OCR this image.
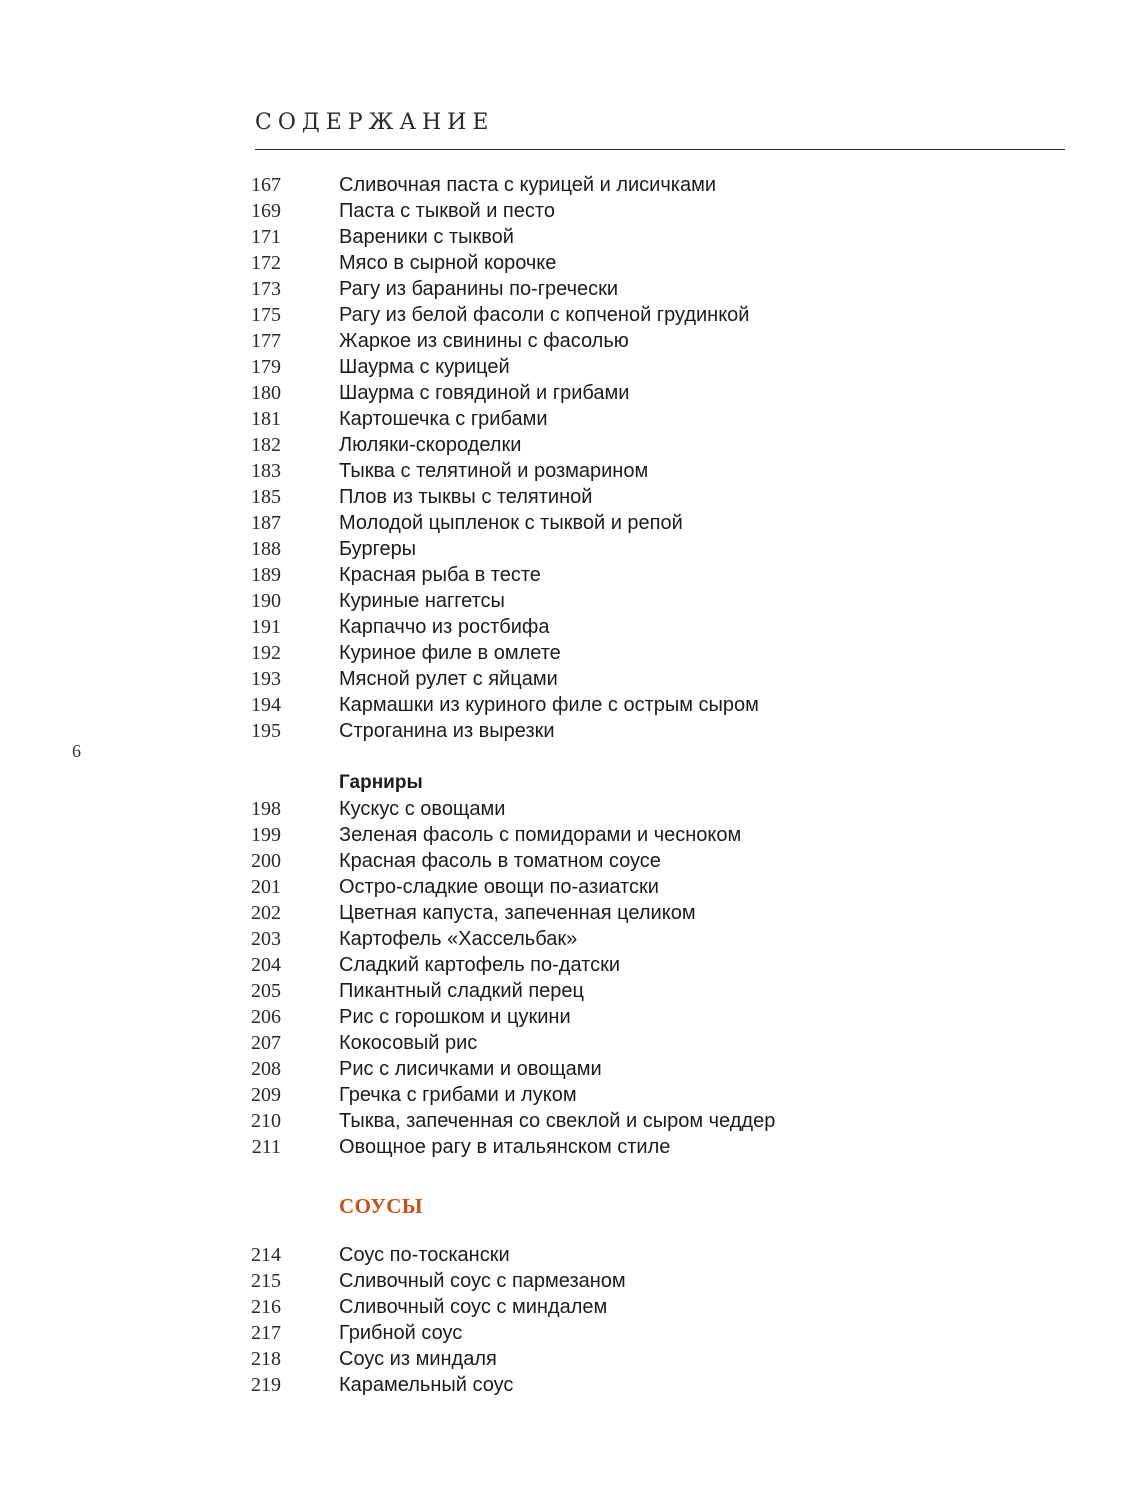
СОДЕРЖАНИЕ
6
167	Сливочная паста с курицей и лисичками
169	Паста с тыквой и песто
171	Вареники с тыквой
172	Мясо в сырной корочке
173	Рагу из баранины по-гречески
175	Рагу из белой фасоли с копченой грудинкой
177	Жаркое из свинины с фасолью
179	Шаурма с курицей
180	Шаурма с говядиной и грибами
181	Картошечка с грибами
182	Люляки-скороделки
183	Тыква с телятиной и розмарином
185	Плов из тыквы с телятиной
187	Молодой цыпленок с тыквой и репой
188	Бургеры
189	Красная рыба в тесте
190	Куриные наггетсы
191	Карпаччо из ростбифа
192	Куриное филе в омлете
193	Мясной рулет с яйцами
194	Кармашки из куриного филе с острым сыром
195	Строганина из вырезки
Гарниры
198	Кускус с овощами
199	Зеленая фасоль с помидорами и чесноком
200	Красная фасоль в томатном соусе
201	Остро-сладкие овощи по-азиатски
202	Цветная капуста, запеченная целиком
203	Картофель «Хассельбак»
204	Сладкий картофель по-датски
205	Пикантный сладкий перец
206	Рис с горошком и цукини
207	Кокосовый рис
208	Рис с лисичками и овощами
209	Гречка с грибами и луком
210	Тыква, запеченная со свеклой и сыром чеддер
211	Овощное рагу в итальянском стиле
СОУСЫ
214	Соус по-тоскански
215	Сливочный соус с пармезаном
216	Сливочный соус с миндалем
217	Грибной соус
218	Соус из миндаля
219	Карамельный соус
